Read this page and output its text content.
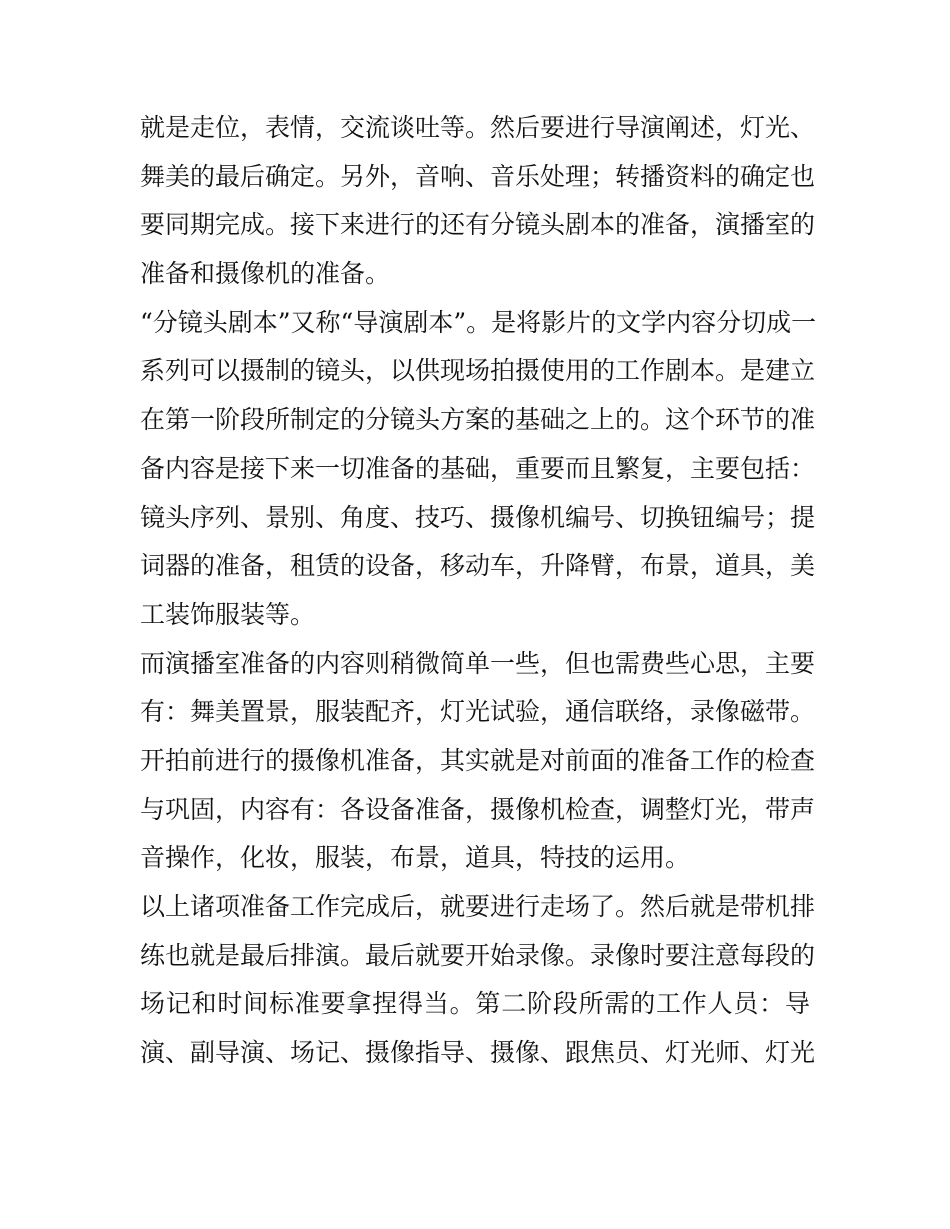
就是走位，表情，交流谈吐等。然后要进行导演阐述，灯光、
舞美的最后确定。另外，音响、音乐处理；转播资料的确定也
要同期完成。接下来进行的还有分镜头剧本的准备，演播室的
准备和摄像机的准备。
“分镜头剧本”又称“导演剧本”。是将影片的文学内容分切成一
系列可以摄制的镜头，以供现场拍摄使用的工作剧本。是建立
在第一阶段所制定的分镜头方案的基础之上的。这个环节的准
备内容是接下来一切准备的基础，重要而且繁复，主要包括：
镜头序列、景别、角度、技巧、摄像机编号、切换钮编号；提
词器的准备，租赁的设备，移动车，升降臂，布景，道具，美
工装饰服装等。
而演播室准备的内容则稍微简单一些，但也需费些心思，主要
有：舞美置景，服装配齐，灯光试验，通信联络，录像磁带。
开拍前进行的摄像机准备，其实就是对前面的准备工作的检查
与巩固，内容有：各设备准备，摄像机检查，调整灯光，带声
音操作，化妆，服装，布景，道具，特技的运用。
以上诸项准备工作完成后，就要进行走场了。然后就是带机排
练也就是最后排演。最后就要开始录像。录像时要注意每段的
场记和时间标准要拿捏得当。第二阶段所需的工作人员：导
演、副导演、场记、摄像指导、摄像、跟焦员、灯光师、灯光
